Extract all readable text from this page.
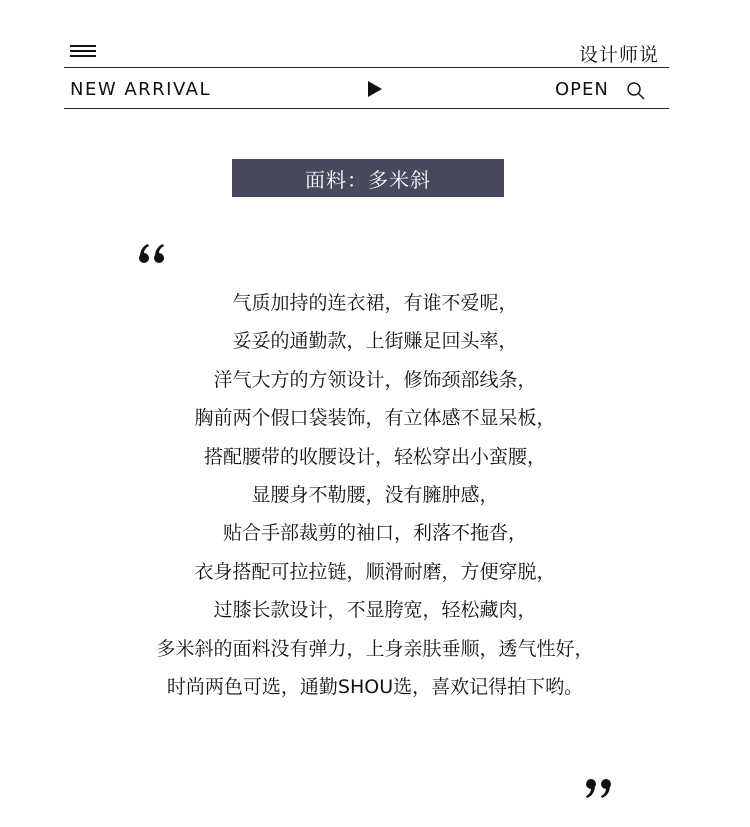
设计师说
NEW ARRIVAL	OPEN
面料：多米斜
气质加持的连衣裙，有谁不爱呢，
妥妥的通勤款，上街赚足回头率，
洋气大方的方领设计，修饰颈部线条，
胸前两个假口袋装饰，有立体感不显呆板，
搭配腰带的收腰设计，轻松穿出小蛮腰，
显腰身不勒腰，没有臃肿感，
贴合手部裁剪的袖口，利落不拖沓，
衣身搭配可拉拉链，顺滑耐磨，方便穿脱，
过膝长款设计，不显胯宽，轻松藏肉，
多米斜的面料没有弹力，上身亲肤垂顺，透气性好，
时尚两色可选，通勤SHOU选，喜欢记得拍下哟。
